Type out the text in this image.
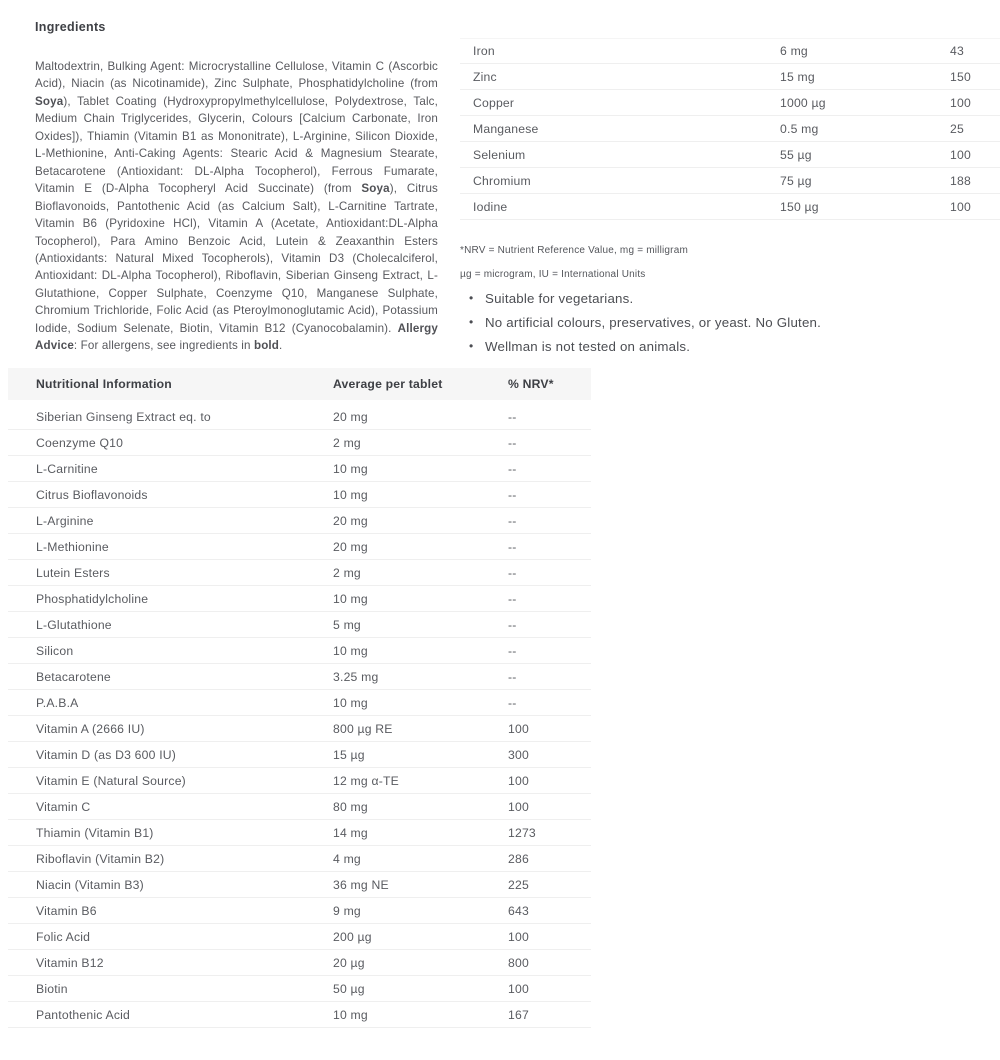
Ingredients

Maltodextrin, Bulking Agent: Microcrystalline Cellulose, Vitamin C (Ascorbic Acid), Niacin (as Nicotinamide), Zinc Sulphate, Phosphatidylcholine (from Soya), Tablet Coating (Hydroxypropylmethylcellulose, Polydextrose, Talc, Medium Chain Triglycerides, Glycerin, Colours [Calcium Carbonate, Iron Oxides]), Thiamin (Vitamin B1 as Mononitrate), L-Arginine, Silicon Dioxide, L-Methionine, Anti-Caking Agents: Stearic Acid & Magnesium Stearate, Betacarotene (Antioxidant: DL-Alpha Tocopherol), Ferrous Fumarate, Vitamin E (D-Alpha Tocopheryl Acid Succinate) (from Soya), Citrus Bioflavonoids, Pantothenic Acid (as Calcium Salt), L-Carnitine Tartrate, Vitamin B6 (Pyridoxine HCl), Vitamin A (Acetate, Antioxidant:DL-Alpha Tocopherol), Para Amino Benzoic Acid, Lutein & Zeaxanthin Esters (Antioxidants: Natural Mixed Tocopherols), Vitamin D3 (Cholecalciferol, Antioxidant: DL-Alpha Tocopherol), Riboflavin, Siberian Ginseng Extract, L-Glutathione, Copper Sulphate, Coenzyme Q10, Manganese Sulphate, Chromium Trichloride, Folic Acid (as Pteroylmonoglutamic Acid), Potassium Iodide, Sodium Selenate, Biotin, Vitamin B12 (Cyanocobalamin). Allergy Advice: For allergens, see ingredients in bold.

Iron	6 mg	43
Zinc	15 mg	150
Copper	1000 µg	100
Manganese	0.5 mg	25
Selenium	55 µg	100
Chromium	75 µg	188
Iodine	150 µg	100
*NRV = Nutrient Reference Value, mg = milligram
µg = microgram, IU = International Units
• Suitable for vegetarians.
• No artificial colours, preservatives, or yeast. No Gluten.
• Wellman is not tested on animals.
Nutritional Information	Average per tablet	% NRV*
Siberian Ginseng Extract eq. to	20 mg	--
Coenzyme Q10	2 mg	--
L-Carnitine	10 mg	--
Citrus Bioflavonoids	10 mg	--
L-Arginine	20 mg	--
L-Methionine	20 mg	--
Lutein Esters	2 mg	--
Phosphatidylcholine	10 mg	--
L-Glutathione	5 mg	--
Silicon	10 mg	--
Betacarotene	3.25 mg	--
P.A.B.A	10 mg	--
Vitamin A (2666 IU)	800 µg RE	100
Vitamin D (as D3 600 IU)	15 µg	300
Vitamin E (Natural Source)	12 mg α-TE	100
Vitamin C	80 mg	100
Thiamin (Vitamin B1)	14 mg	1273
Riboflavin (Vitamin B2)	4 mg	286
Niacin (Vitamin B3)	36 mg NE	225
Vitamin B6	9 mg	643
Folic Acid	200 µg	100
Vitamin B12	20 µg	800
Biotin	50 µg	100
Pantothenic Acid	10 mg	167
